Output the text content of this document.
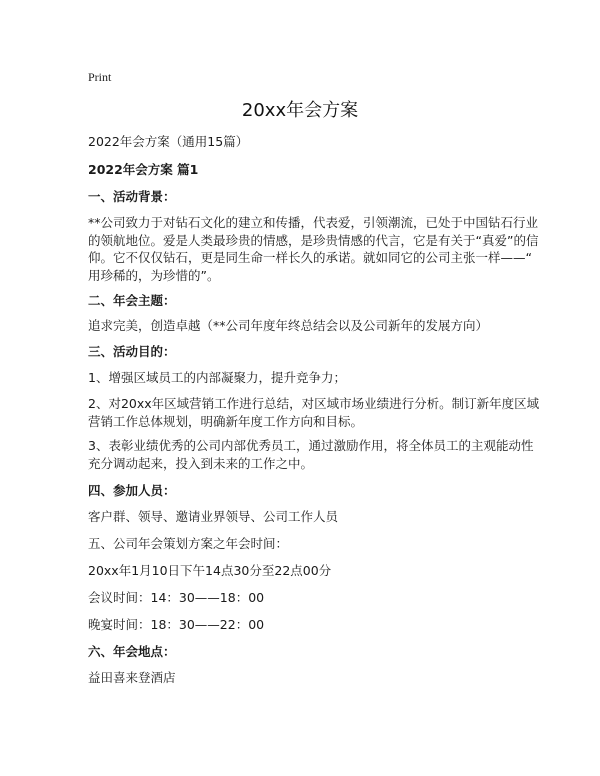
Print
20xx年会方案
2022年会方案（通用15篇）
2022年会方案 篇1
一、活动背景：
**公司致力于对钻石文化的建立和传播，代表爱，引领潮流，已处于中国钻石行业
的领航地位。爱是人类最珍贵的情感，是珍贵情感的代言，它是有关于“真爱”的信
仰。它不仅仅钻石，更是同生命一样长久的承诺。就如同它的公司主张一样——“
用珍稀的，为珍惜的”。
二、年会主题：
追求完美，创造卓越（**公司年度年终总结会以及公司新年的发展方向）
三、活动目的：
1、增强区域员工的内部凝聚力，提升竞争力；
2、对20xx年区域营销工作进行总结，对区域市场业绩进行分析。制订新年度区域
营销工作总体规划，明确新年度工作方向和目标。
3、表彰业绩优秀的公司内部优秀员工，通过激励作用，将全体员工的主观能动性
充分调动起来，投入到未来的工作之中。
四、参加人员：
客户群、领导、邀请业界领导、公司工作人员
五、公司年会策划方案之年会时间：
20xx年1月10日下午14点30分至22点00分
会议时间：14：30——18：00
晚宴时间：18：30——22：00
六、年会地点：
益田喜来登酒店
